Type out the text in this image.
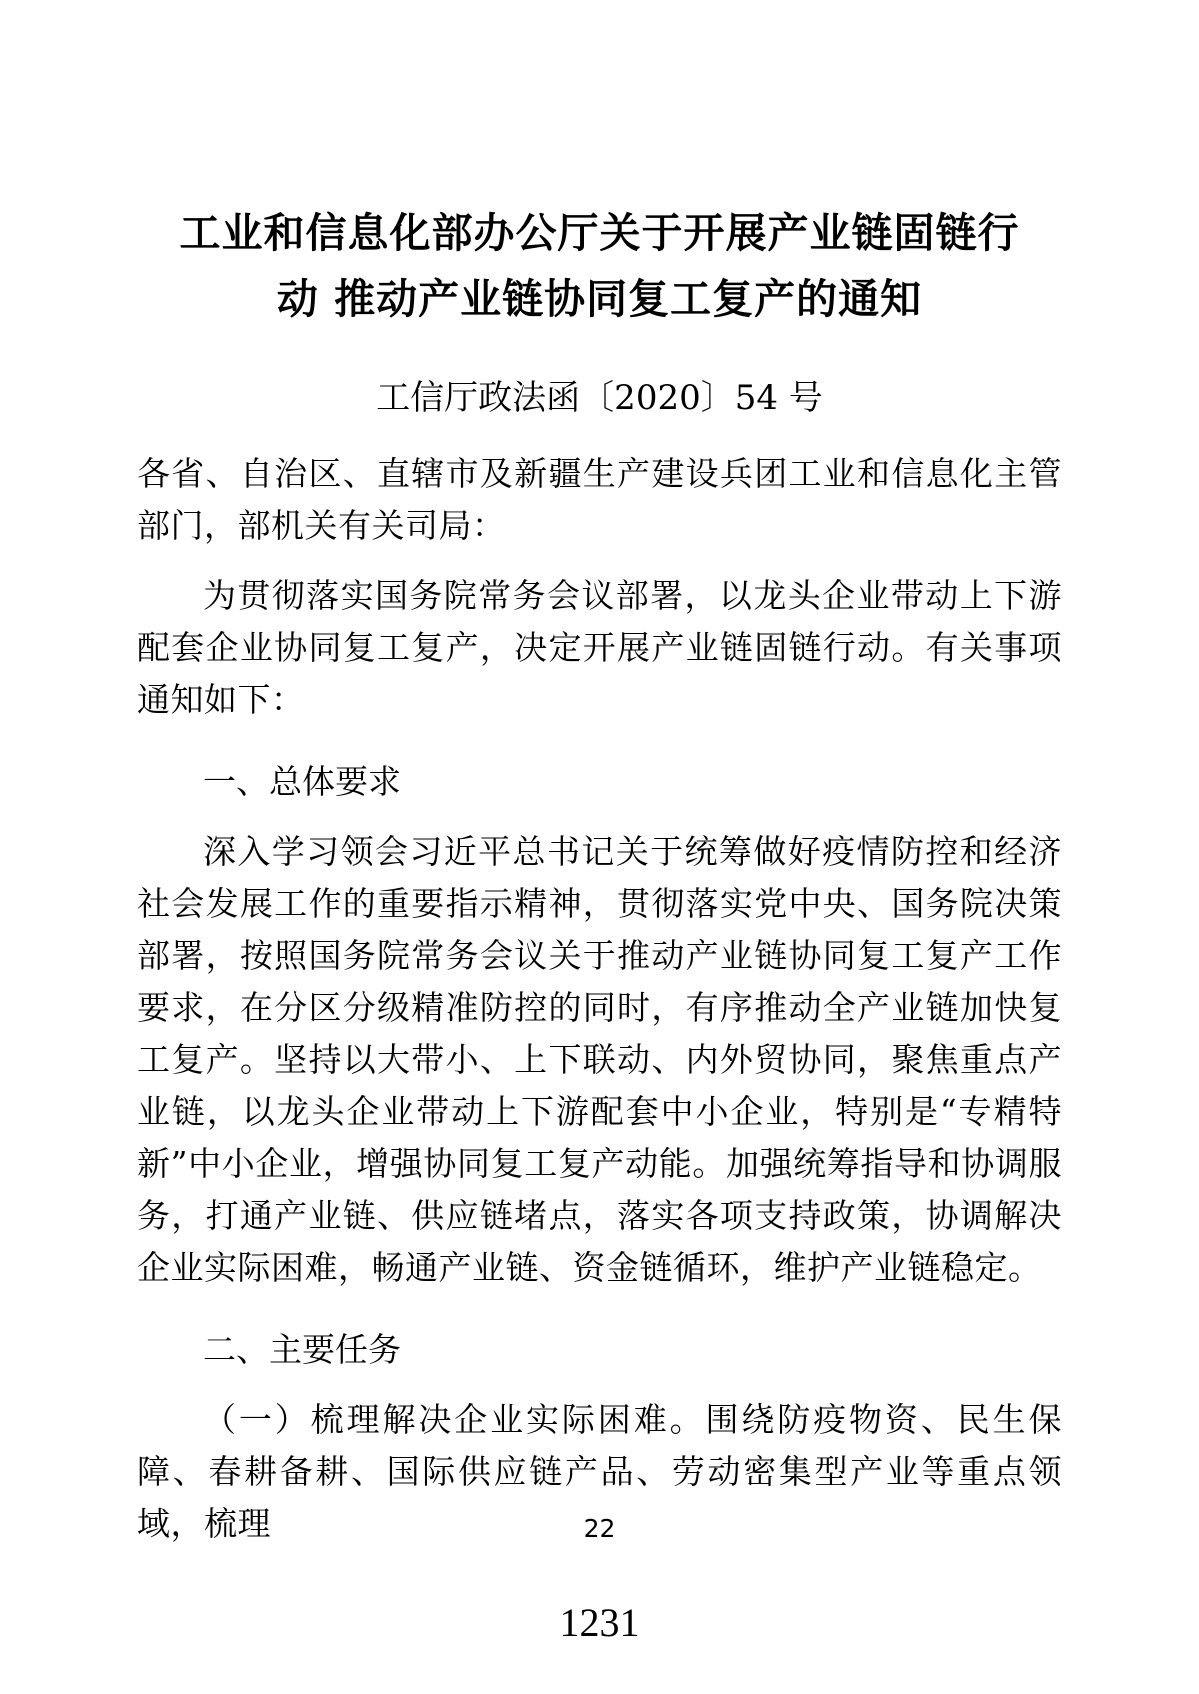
工业和信息化部办公厅关于开展产业链固链行
动 推动产业链协同复工复产的通知
工信厅政法函〔2020〕54 号

各省、自治区、直辖市及新疆生产建设兵团工业和信息化主管部门，部机关有关司局：

为贯彻落实国务院常务会议部署，以龙头企业带动上下游配套企业协同复工复产，决定开展产业链固链行动。有关事项通知如下：

一、总体要求

深入学习领会习近平总书记关于统筹做好疫情防控和经济社会发展工作的重要指示精神，贯彻落实党中央、国务院决策部署，按照国务院常务会议关于推动产业链协同复工复产工作要求，在分区分级精准防控的同时，有序推动全产业链加快复工复产。坚持以大带小、上下联动、内外贸协同，聚焦重点产业链，以龙头企业带动上下游配套中小企业，特别是“专精特新”中小企业，增强协同复工复产动能。加强统筹指导和协调服务，打通产业链、供应链堵点，落实各项支持政策，协调解决企业实际困难，畅通产业链、资金链循环，维护产业链稳定。

二、主要任务

（一）梳理解决企业实际困难。围绕防疫物资、民生保障、春耕备耕、国际供应链产品、劳动密集型产业等重点领域，梳理	22
1231
